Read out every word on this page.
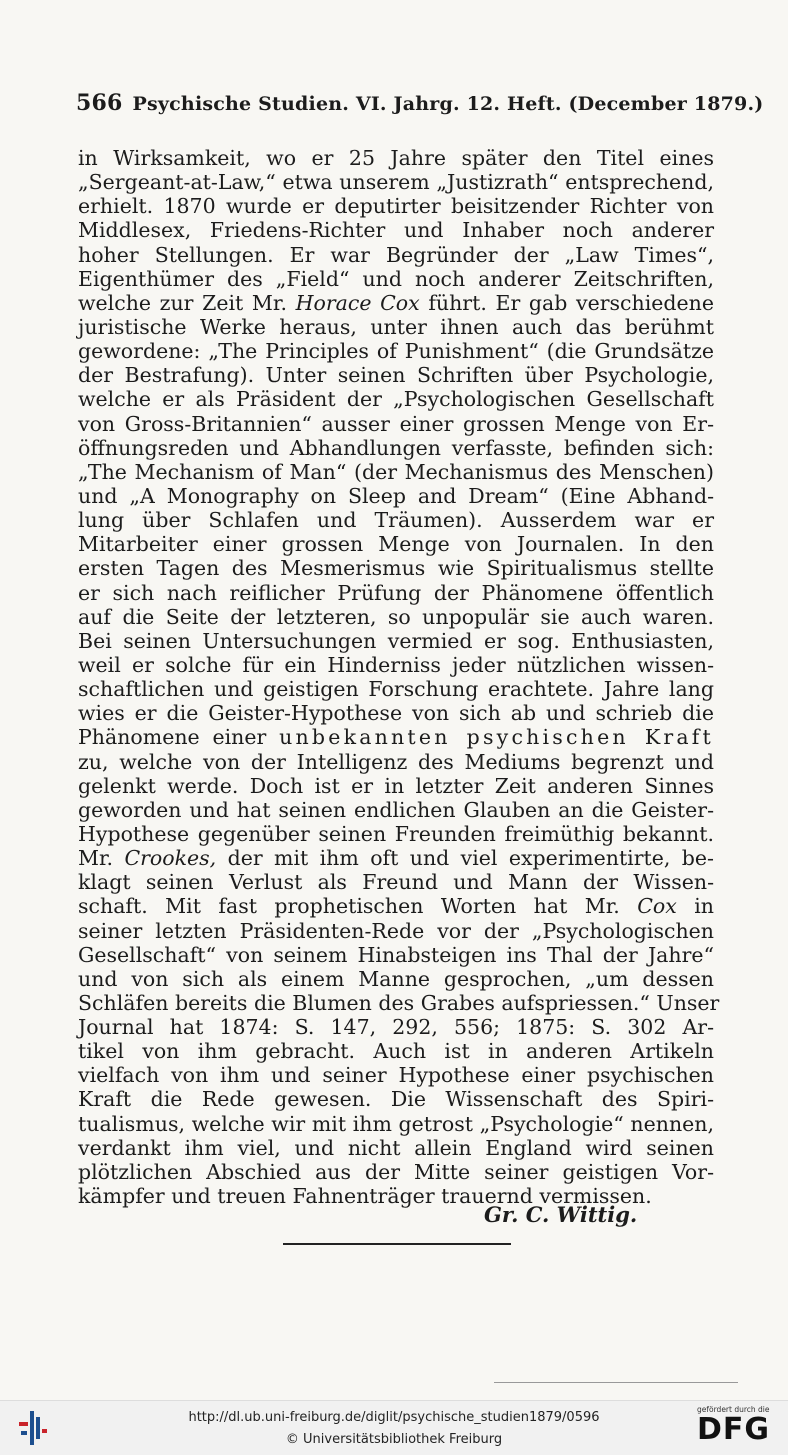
566 Psychische Studien. VI. Jahrg. 12. Heft. (December 1879.)
in Wirksamkeit, wo er 25 Jahre später den Titel eines
„Sergeant-at-Law,“ etwa unserem „Justizrath“ entsprechend,
erhielt. 1870 wurde er deputirter beisitzender Richter von
Middlesex, Friedens-Richter und Inhaber noch anderer
hoher Stellungen. Er war Begründer der „Law Times“,
Eigenthümer des „Field“ und noch anderer Zeitschriften,
welche zur Zeit Mr. Horace Cox führt. Er gab verschiedene
juristische Werke heraus, unter ihnen auch das berühmt
gewordene: „The Principles of Punishment“ (die Grundsätze
der Bestrafung). Unter seinen Schriften über Psychologie,
welche er als Präsident der „Psychologischen Gesellschaft
von Gross-Britannien“ ausser einer grossen Menge von Er-
öffnungsreden und Abhandlungen verfasste, befinden sich:
„The Mechanism of Man“ (der Mechanismus des Menschen)
und „A Monography on Sleep and Dream“ (Eine Abhand-
lung über Schlafen und Träumen). Ausserdem war er
Mitarbeiter einer grossen Menge von Journalen. In den
ersten Tagen des Mesmerismus wie Spiritualismus stellte
er sich nach reiflicher Prüfung der Phänomene öffentlich
auf die Seite der letzteren, so unpopulär sie auch waren.
Bei seinen Untersuchungen vermied er sog. Enthusiasten,
weil er solche für ein Hinderniss jeder nützlichen wissen-
schaftlichen und geistigen Forschung erachtete. Jahre lang
wies er die Geister-Hypothese von sich ab und schrieb die
Phänomene einer unbekannten psychischen Kraft
zu, welche von der Intelligenz des Mediums begrenzt und
gelenkt werde. Doch ist er in letzter Zeit anderen Sinnes
geworden und hat seinen endlichen Glauben an die Geister-
Hypothese gegenüber seinen Freunden freimüthig bekannt.
Mr. Crookes, der mit ihm oft und viel experimentirte, be-
klagt seinen Verlust als Freund und Mann der Wissen-
schaft. Mit fast prophetischen Worten hat Mr. Cox in
seiner letzten Präsidenten-Rede vor der „Psychologischen
Gesellschaft“ von seinem Hinabsteigen ins Thal der Jahre“
und von sich als einem Manne gesprochen, „um dessen
Schläfen bereits die Blumen des Grabes aufspriessen.“ Unser
Journal hat 1874: S. 147, 292, 556; 1875: S. 302 Ar-
tikel von ihm gebracht. Auch ist in anderen Artikeln
vielfach von ihm und seiner Hypothese einer psychischen
Kraft die Rede gewesen. Die Wissenschaft des Spiri-
tualismus, welche wir mit ihm getrost „Psychologie“ nennen,
verdankt ihm viel, und nicht allein England wird seinen
plötzlichen Abschied aus der Mitte seiner geistigen Vor-
kämpfer und treuen Fahnenträger trauernd vermissen.
Gr. C. Wittig.
http://dl.ub.uni-freiburg.de/diglit/psychische_studien1879/0596
© Universitätsbibliothek Freiburg
gefördert durch die
DFG
